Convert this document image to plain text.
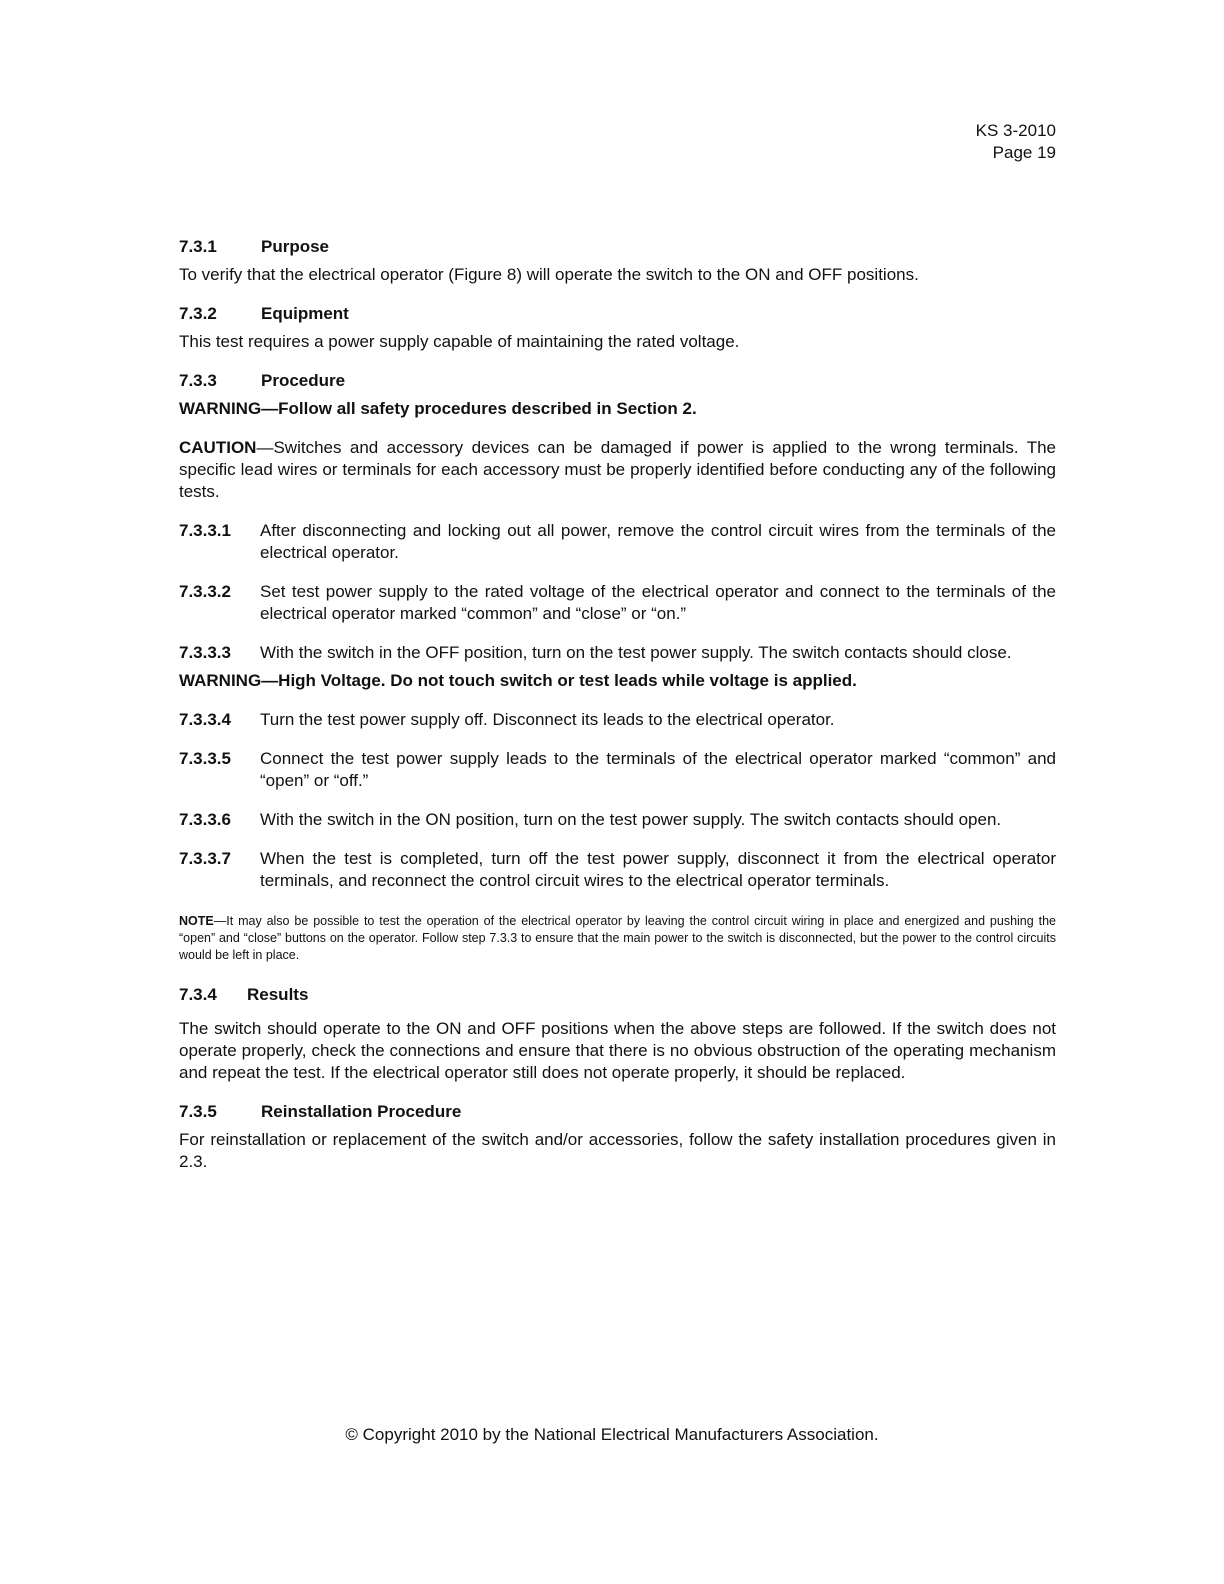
KS 3-2010
Page 19
7.3.1	Purpose

To verify that the electrical operator (Figure 8) will operate the switch to the ON and OFF positions.

7.3.2	Equipment

This test requires a power supply capable of maintaining the rated voltage.

7.3.3	Procedure

WARNING—Follow all safety procedures described in Section 2.

CAUTION—Switches and accessory devices can be damaged if power is applied to the wrong terminals. The specific lead wires or terminals for each accessory must be properly identified before conducting any of the following tests.

7.3.3.1	After disconnecting and locking out all power, remove the control circuit wires from the terminals of the electrical operator.
7.3.3.2	Set test power supply to the rated voltage of the electrical operator and connect to the terminals of the electrical operator marked “common” and “close” or “on.”
7.3.3.3	With the switch in the OFF position, turn on the test power supply. The switch contacts should close.

WARNING—High Voltage. Do not touch switch or test leads while voltage is applied.

7.3.3.4	Turn the test power supply off. Disconnect its leads to the electrical operator.
7.3.3.5	Connect the test power supply leads to the terminals of the electrical operator marked “common” and “open” or “off.”
7.3.3.6	With the switch in the ON position, turn on the test power supply. The switch contacts should open.
7.3.3.7	When the test is completed, turn off the test power supply, disconnect it from the electrical operator terminals, and reconnect the control circuit wires to the electrical operator terminals.

NOTE—It may also be possible to test the operation of the electrical operator by leaving the control circuit wiring in place and energized and pushing the “open” and “close” buttons on the operator. Follow step 7.3.3 to ensure that the main power to the switch is disconnected, but the power to the control circuits would be left in place.

7.3.4 Results

The switch should operate to the ON and OFF positions when the above steps are followed. If the switch does not operate properly, check the connections and ensure that there is no obvious obstruction of the operating mechanism and repeat the test. If the electrical operator still does not operate properly, it should be replaced.

7.3.5	Reinstallation Procedure

For reinstallation or replacement of the switch and/or accessories, follow the safety installation procedures given in 2.3.

© Copyright 2010 by the National Electrical Manufacturers Association.
